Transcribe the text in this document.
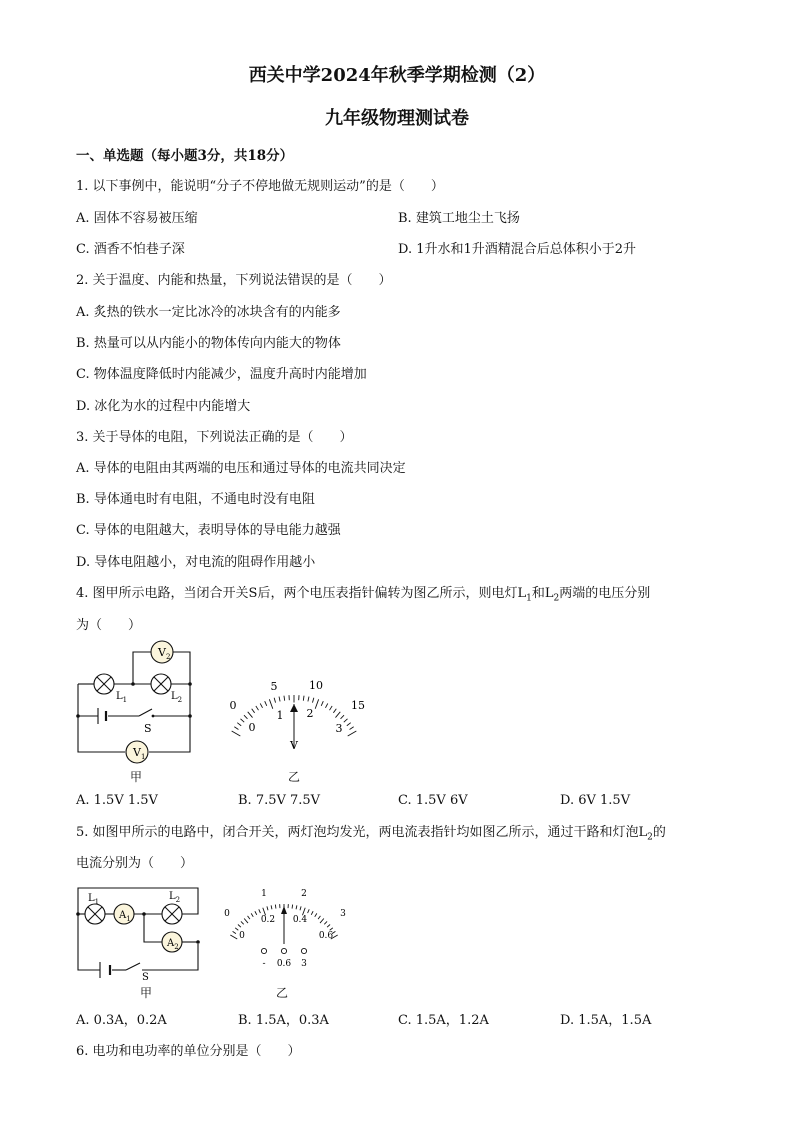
西关中学2024年秋季学期检测（2）
九年级物理测试卷
一、单选题（每小题3分，共18分）
1. 以下事例中，能说明“分子不停地做无规则运动”的是（　　）
A. 固体不容易被压缩	B. 建筑工地尘土飞扬
C. 酒香不怕巷子深	D. 1升水和1升酒精混合后总体积小于2升
2. 关于温度、内能和热量，下列说法错误的是（　　）
A. 炙热的铁水一定比冰冷的冰块含有的内能多
B. 热量可以从内能小的物体传向内能大的物体
C. 物体温度降低时内能减少，温度升高时内能增加
D. 冰化为水的过程中内能增大
3. 关于导体的电阻，下列说法正确的是（　　）
A. 导体的电阻由其两端的电压和通过导体的电流共同决定
B. 导体通电时有电阻，不通电时没有电阻
C. 导体的电阻越大，表明导体的导电能力越强
D. 导体电阻越小，对电流的阻碍作用越小
4. 图甲所示电路，当闭合开关S后，两个电压表指针偏转为图乙所示，则电灯$L_1$和$L_2$两端的电压分别
为（　　）
$V_2$
$V_1$
$L_1$	$L_2$
S
甲
0
5	10
15
0
1 2
3
V
乙
A. 1.5V 1.5V	B. 7.5V 7.5V	C. 1.5V 6V	D. 6V 1.5V
5. 如图甲所示的电路中，闭合开关，两灯泡均发光，两电流表指针均如图乙所示，通过干路和灯泡$L_2$的
电流分别为（　　）
$A_1$
$A_2$
$L_1$	$L_2$
S
甲
0
1	2
3
0
0.2 0.4
0.6
- 0.6 3
乙
A. 0.3A，0.2A	B. 1.5A，0.3A	C. 1.5A，1.2A	D. 1.5A，1.5A
6. 电功和电功率的单位分别是（　　）
